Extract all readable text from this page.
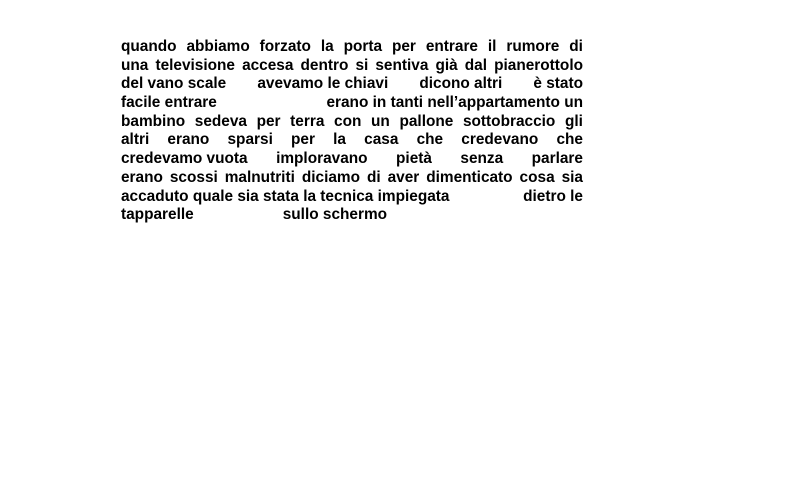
quando abbiamo forzato la porta per entrare il rumore di
una televisione accesa dentro si sentiva già dal pianerottolo
del vano scale avevamo le chiavi dicono altri è stato
facile entrare	erano in tanti nell’appartamento un
bambino sedeva per terra con un pallone sottobraccio gli
altri erano sparsi per la casa che credevano che
credevamo vuota imploravano pietà senza parlare
erano scossi malnutriti diciamo di aver dimenticato cosa sia
accaduto quale sia stata la tecnica impiegata	dietro le
tapparelle	sullo schermo
